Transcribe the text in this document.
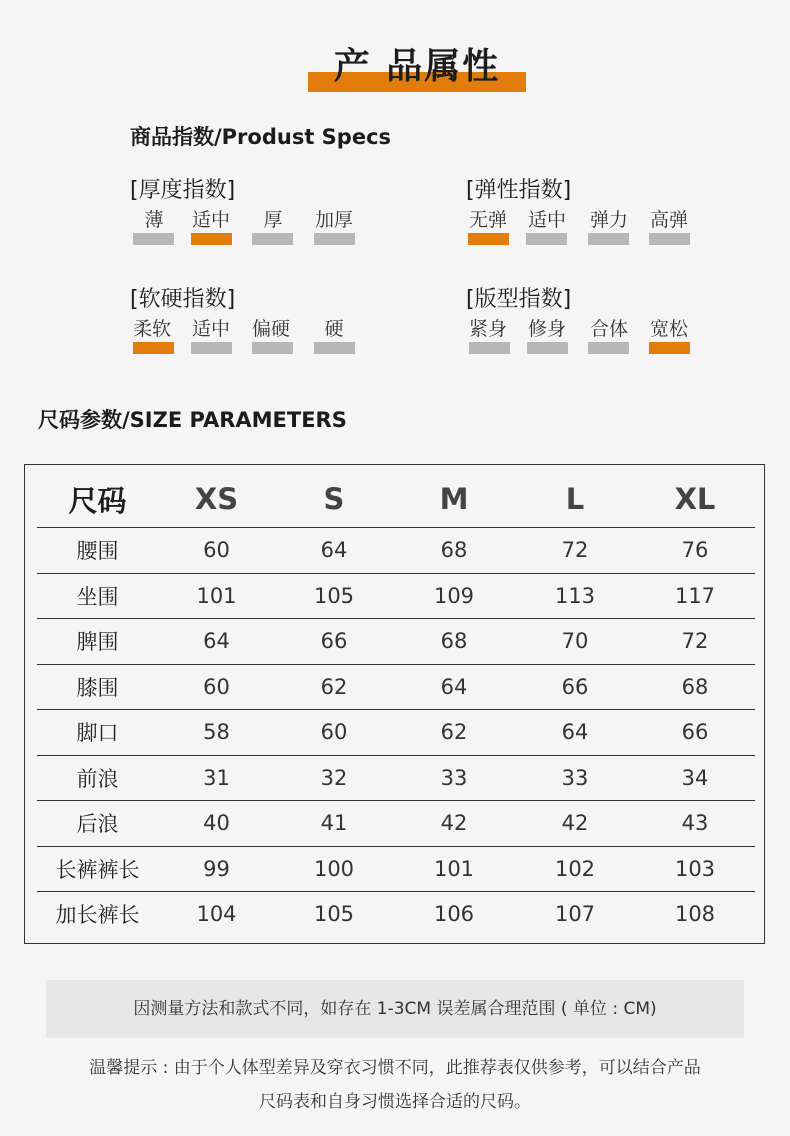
产 品属性
商品指数/Produst Specs
[厚度指数]
薄	适中	厚	加厚
[弹性指数]
无弹 适中 弹力 高弹
[软硬指数]
柔软 适中 偏硬	硬
[版型指数]
紧身 修身 合体 宽松
尺码参数/SIZE PARAMETERS
尺码	XS	S	M	L	XL
腰围	60	64	68	72	76
坐围	101	105	109	113	117
脾围	64	66	68	70	72
膝围	60	62	64	66	68
脚口	58	60	62	64	66
前浪	31	32	33	33	34
后浪	40	41	42	42	43
长裤裤长	99	100	101	102	103
加长裤长	104	105	106	107	108
因测量方法和款式不同，如存在 1-3CM 误差属合理范围 ( 单位 : CM)
温馨提示 : 由于个人体型差异及穿衣习惯不同，此推荐表仅供参考，可以结合产品
尺码表和自身习惯选择合适的尺码。
